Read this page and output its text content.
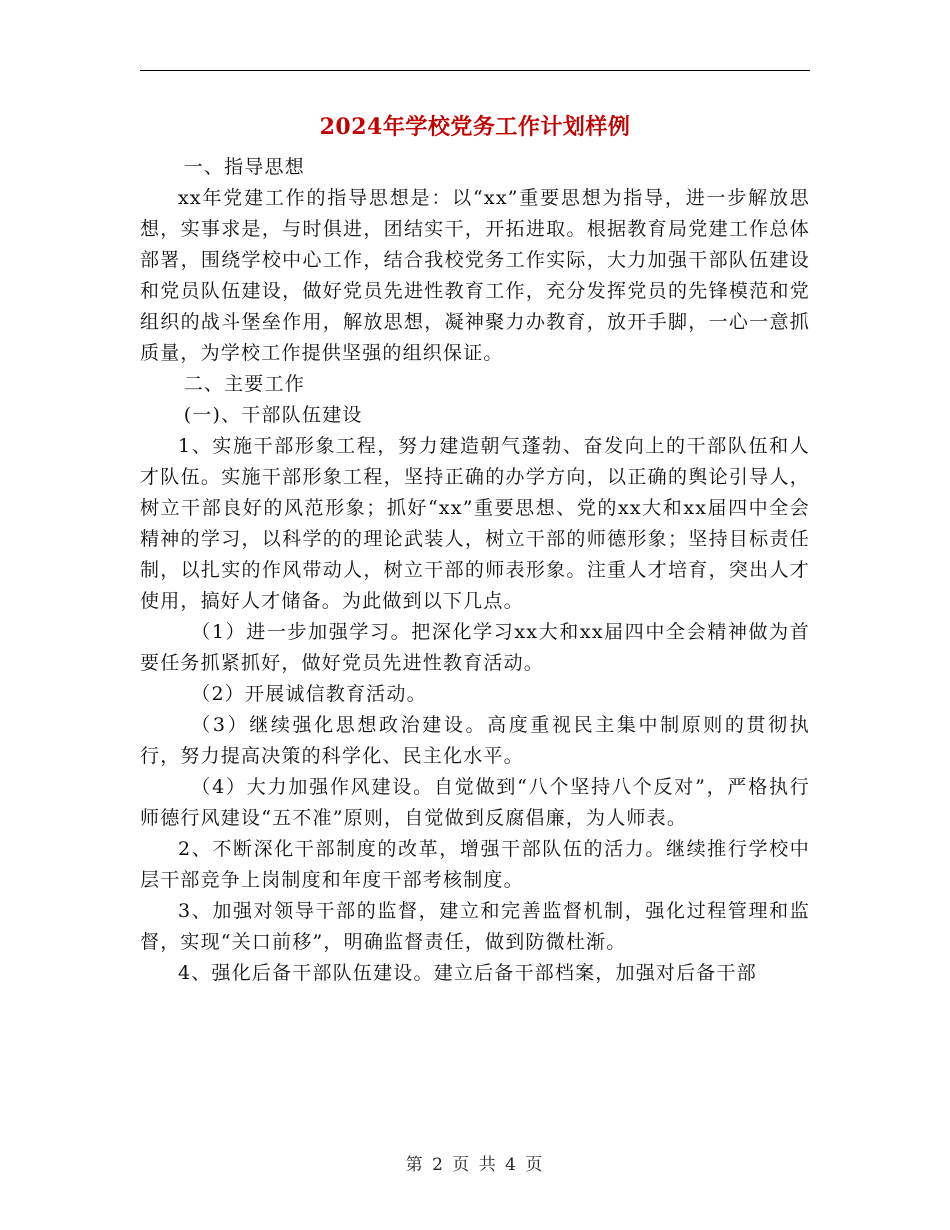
2024年学校党务工作计划样例

一、指导思想

xx年党建工作的指导思想是：以“xx”重要思想为指导，进一步解放思想，实事求是，与时俱进，团结实干，开拓进取。根据教育局党建工作总体部署，围绕学校中心工作，结合我校党务工作实际，大力加强干部队伍建设和党员队伍建设，做好党员先进性教育工作，充分发挥党员的先锋模范和党组织的战斗堡垒作用，解放思想，凝神聚力办教育，放开手脚，一心一意抓质量，为学校工作提供坚强的组织保证。

二、主要工作

(一)、干部队伍建设

1、实施干部形象工程，努力建造朝气蓬勃、奋发向上的干部队伍和人才队伍。实施干部形象工程，坚持正确的办学方向，以正确的舆论引导人，树立干部良好的风范形象；抓好“xx”重要思想、党的xx大和xx届四中全会精神的学习，以科学的的理论武装人，树立干部的师德形象；坚持目标责任制，以扎实的作风带动人，树立干部的师表形象。注重人才培育，突出人才使用，搞好人才储备。为此做到以下几点。

（1）进一步加强学习。把深化学习xx大和xx届四中全会精神做为首要任务抓紧抓好，做好党员先进性教育活动。

（2）开展诚信教育活动。

（3）继续强化思想政治建设。高度重视民主集中制原则的贯彻执行，努力提高决策的科学化、民主化水平。

（4）大力加强作风建设。自觉做到“八个坚持八个反对”，严格执行师德行风建设“五不准”原则，自觉做到反腐倡廉，为人师表。

2、不断深化干部制度的改革，增强干部队伍的活力。继续推行学校中层干部竞争上岗制度和年度干部考核制度。

3、加强对领导干部的监督，建立和完善监督机制，强化过程管理和监督，实现“关口前移”，明确监督责任，做到防微杜渐。

4、强化后备干部队伍建设。建立后备干部档案，加强对后备干部

第 2 页 共 4 页
